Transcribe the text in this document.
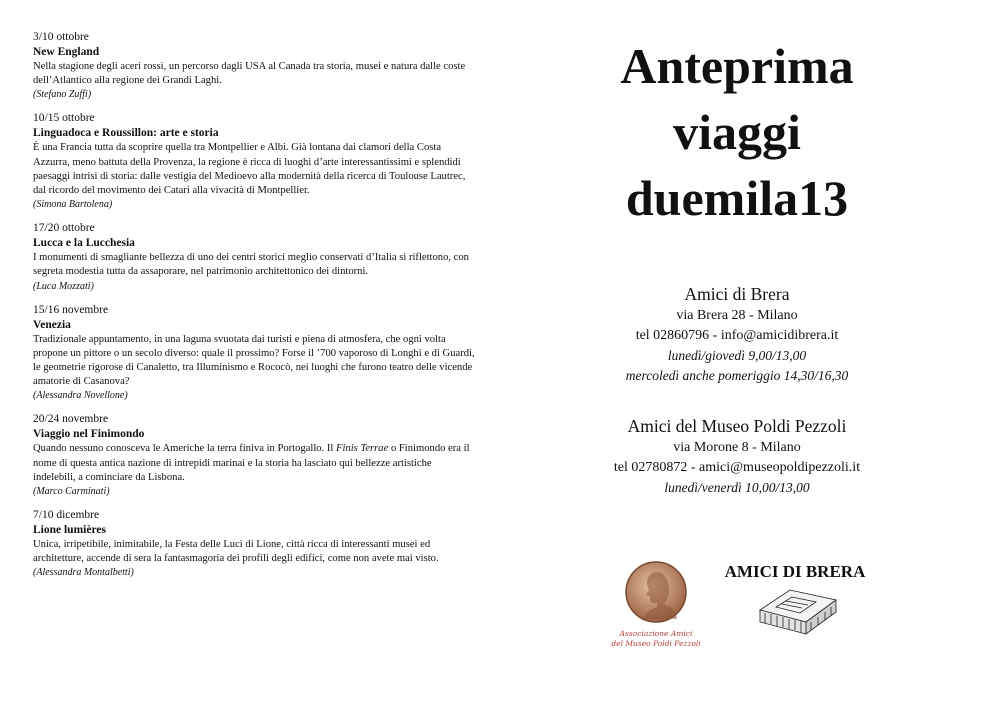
3/10 ottobre
New England
Nella stagione degli aceri rossi, un percorso dagli USA al Canada tra storia, musei e natura dalle coste dell’Atlantico alla regione dei Grandi Laghi.
(Stefano Zuffi)
10/15 ottobre
Linguadoca e Roussillon: arte e storia
È una Francia tutta da scoprire quella tra Montpellier e Albi. Già lontana dai clamori della Costa Azzurra, meno battuta della Provenza, la regione è ricca di luoghi d’arte interessantissimi e splendidi paesaggi intrisi di storia: dalle vestigia del Medioevo alla modernità della ricerca di Toulouse Lautrec, dal ricordo del movimento dei Catari alla vivacità di Montpellier.
(Simona Bartolena)
17/20 ottobre
Lucca e la Lucchesia
I monumenti di smagliante bellezza di uno dei centri storici meglio conservati d’Italia si riflettono, con segreta modestia tutta da assaporare, nel patrimonio architettonico dei dintorni.
(Luca Mozzati)
15/16 novembre
Venezia
Tradizionale appuntamento, in una laguna svuotata dai turisti e piena di atmosfera, che ogni volta propone un pittore o un secolo diverso: quale il prossimo? Forse il ’700 vaporoso di Longhi e di Guardi, le geometrie rigorose di Canaletto, tra Illuminismo e Rococò, nei luoghi che furono teatro delle vicende amatorie di Casanova?
(Alessandra Novellone)
20/24 novembre
Viaggio nel Finimondo
Quando nessuno conosceva le Americhe la terra finiva in Portogallo. Il Finis Terrae o Finimondo era il nome di questa antica nazione di intrepidi marinai e la storia ha lasciato qui bellezze artistiche indelebili, a cominciare da Lisbona.
(Marco Carminati)
7/10 dicembre
Lione lumières
Unica, irripetibile, inimitabile, la Festa delle Luci di Lione, città ricca di interessanti musei ed architetture, accende di sera la fantasmagoria dei profili degli edifici, come non avete mai visto.
(Alessandra Montalbetti)
Anteprima
viaggi
duemila13
Amici di Brera
via Brera 28 - Milano
tel 02860796 - info@amicidibrera.it
lunedì/giovedì 9,00/13,00
mercoledì anche pomeriggio 14,30/16,30
Amici del Museo Poldi Pezzoli
via Morone 8 - Milano
tel 02780872 - amici@museopoldipezzoli.it
lunedì/venerdì 10,00/13,00
Associazione Amici
del Museo Poldi Pezzoli
AMICI DI BRERA
